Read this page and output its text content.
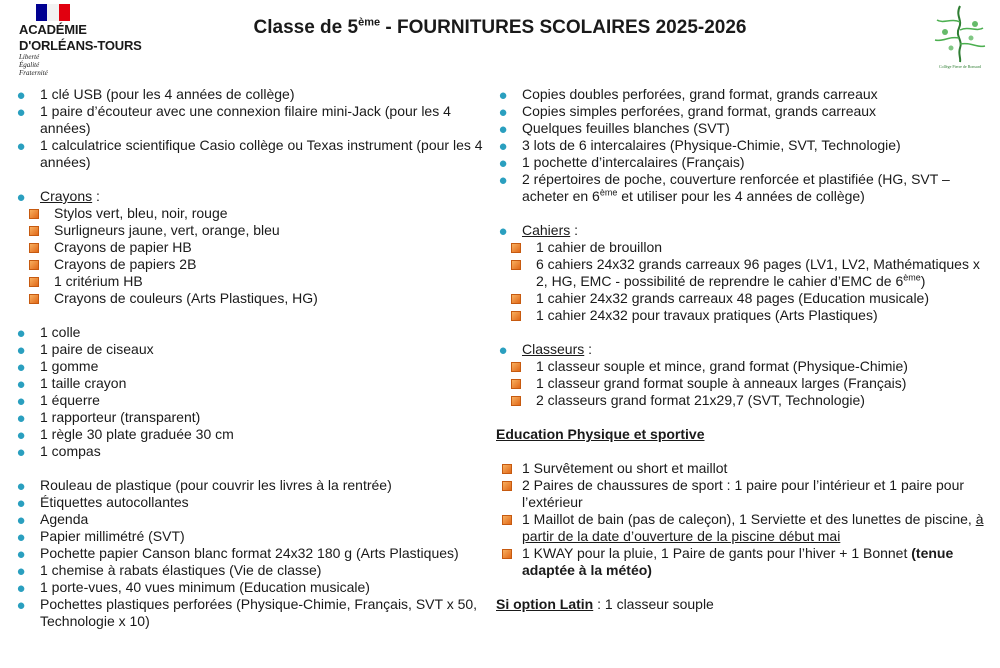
ACADÉMIE
D'ORLÉANS-TOURS
Liberté
Égalité
Fraternité
Classe de 5ème - FOURNITURES SCOLAIRES 2025-2026
Collège Pierre de Ronsard
● 1 clé USB (pour les 4 années de collège)
● 1 paire d’écouteur avec une connexion filaire mini-Jack (pour les 4 années)
● 1 calculatrice scientifique Casio collège ou Texas instrument (pour les 4 années)
● Crayons :
Stylos vert, bleu, noir, rouge
Surligneurs jaune, vert, orange, bleu
Crayons de papier HB
Crayons de papiers 2B
1 critérium HB
Crayons de couleurs (Arts Plastiques, HG)
● 1 colle
● 1 paire de ciseaux
● 1 gomme
● 1 taille crayon
● 1 équerre
● 1 rapporteur (transparent)
● 1 règle 30 plate graduée 30 cm
● 1 compas
● Rouleau de plastique (pour couvrir les livres à la rentrée)
● Étiquettes autocollantes
● Agenda
● Papier millimétré (SVT)
● Pochette papier Canson blanc format 24x32 180 g (Arts Plastiques)
● 1 chemise à rabats élastiques (Vie de classe)
● 1 porte-vues, 40 vues minimum (Education musicale)
● Pochettes plastiques perforées (Physique-Chimie, Français, SVT x 50, Technologie x 10)
● Copies doubles perforées, grand format, grands carreaux
● Copies simples perforées, grand format, grands carreaux
● Quelques feuilles blanches (SVT)
● 3 lots de 6 intercalaires (Physique-Chimie, SVT, Technologie)
● 1 pochette d’intercalaires (Français)
● 2 répertoires de poche, couverture renforcée et plastifiée (HG, SVT – acheter en 6ème et utiliser pour les 4 années de collège)
● Cahiers :
1 cahier de brouillon
6 cahiers 24x32 grands carreaux 96 pages (LV1, LV2, Mathématiques x 2, HG, EMC - possibilité de reprendre le cahier d’EMC de 6ème)
1 cahier 24x32 grands carreaux 48 pages (Education musicale)
1 cahier 24x32 pour travaux pratiques (Arts Plastiques)
● Classeurs :
1 classeur souple et mince, grand format (Physique-Chimie)
1 classeur grand format souple à anneaux larges (Français)
2 classeurs grand format 21x29,7 (SVT, Technologie)
Education Physique et sportive
1 Survêtement ou short et maillot
2 Paires de chaussures de sport : 1 paire pour l’intérieur et 1 paire pour l’extérieur
1 Maillot de bain (pas de caleçon), 1 Serviette et des lunettes de piscine, à partir de la date d’ouverture de la piscine début mai
1 KWAY pour la pluie, 1 Paire de gants pour l’hiver + 1 Bonnet (tenue adaptée à la météo)
Si option Latin : 1 classeur souple
